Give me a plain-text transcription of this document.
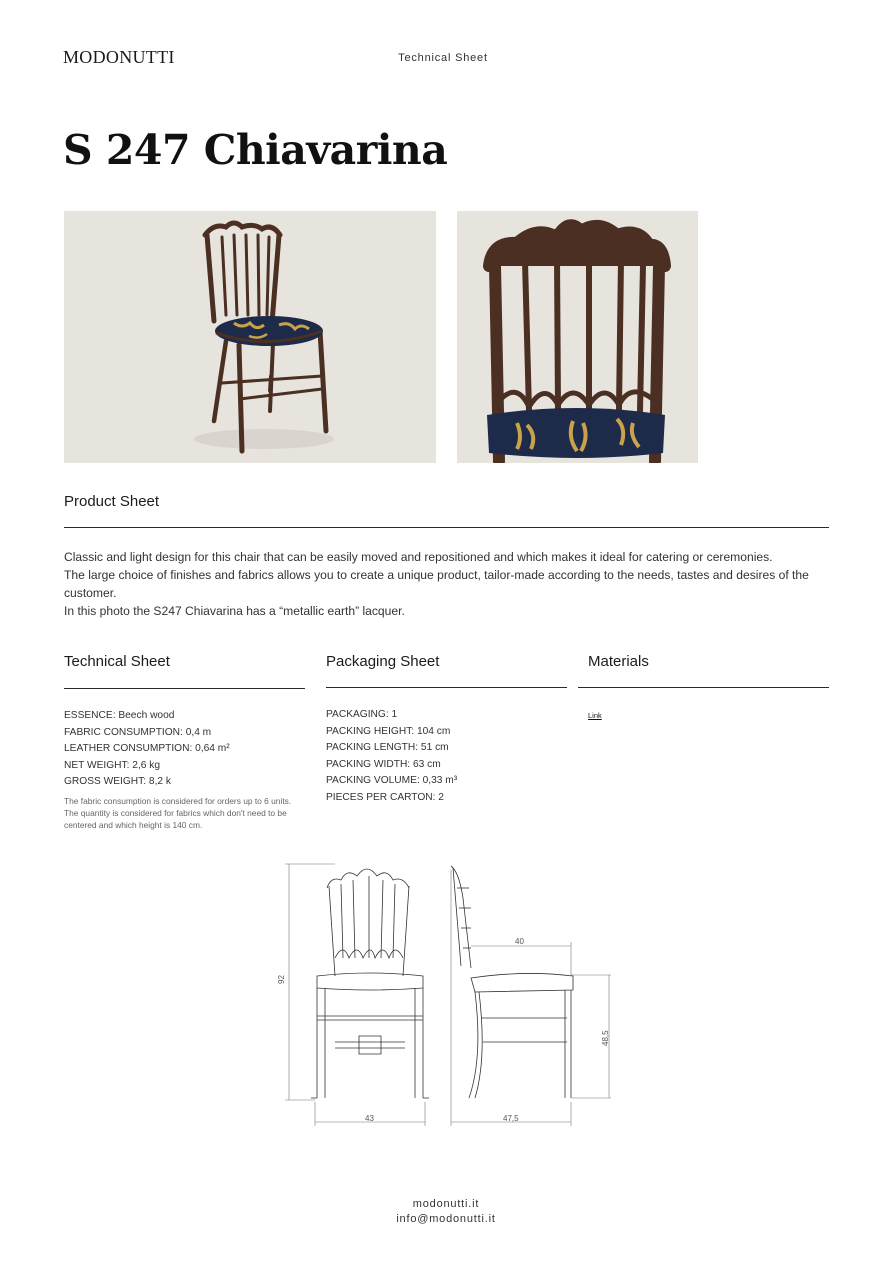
MODONUTTI	Technical Sheet
S 247 Chiavarina
Product Sheet

Classic and light design for this chair that can be easily moved and repositioned and which makes it ideal for catering or ceremonies.

The large choice of finishes and fabrics allows you to create a unique product, tailor-made according to the needs, tastes and desires of the customer.

In this photo the S247 Chiavarina has a “metallic earth” lacquer.

Technical Sheet
ESSENCE: Beech wood
FABRIC CONSUMPTION: 0,4 m
LEATHER CONSUMPTION: 0,64 m²
NET WEIGHT: 2,6 kg
GROSS WEIGHT: 8,2 k
The fabric consumption is considered for orders up to 6 units.
The quantity is considered for fabrics which don't need to be centered and which height is 140 cm.
Packaging Sheet
PACKAGING: 1
PACKING HEIGHT: 104 cm
PACKING LENGTH: 51 cm
PACKING WIDTH: 63 cm
PACKING VOLUME: 0,33 m³
PIECES PER CARTON: 2
Materials
Link
92
43
40
47,5
48,5
modonutti.it
info@modonutti.it
